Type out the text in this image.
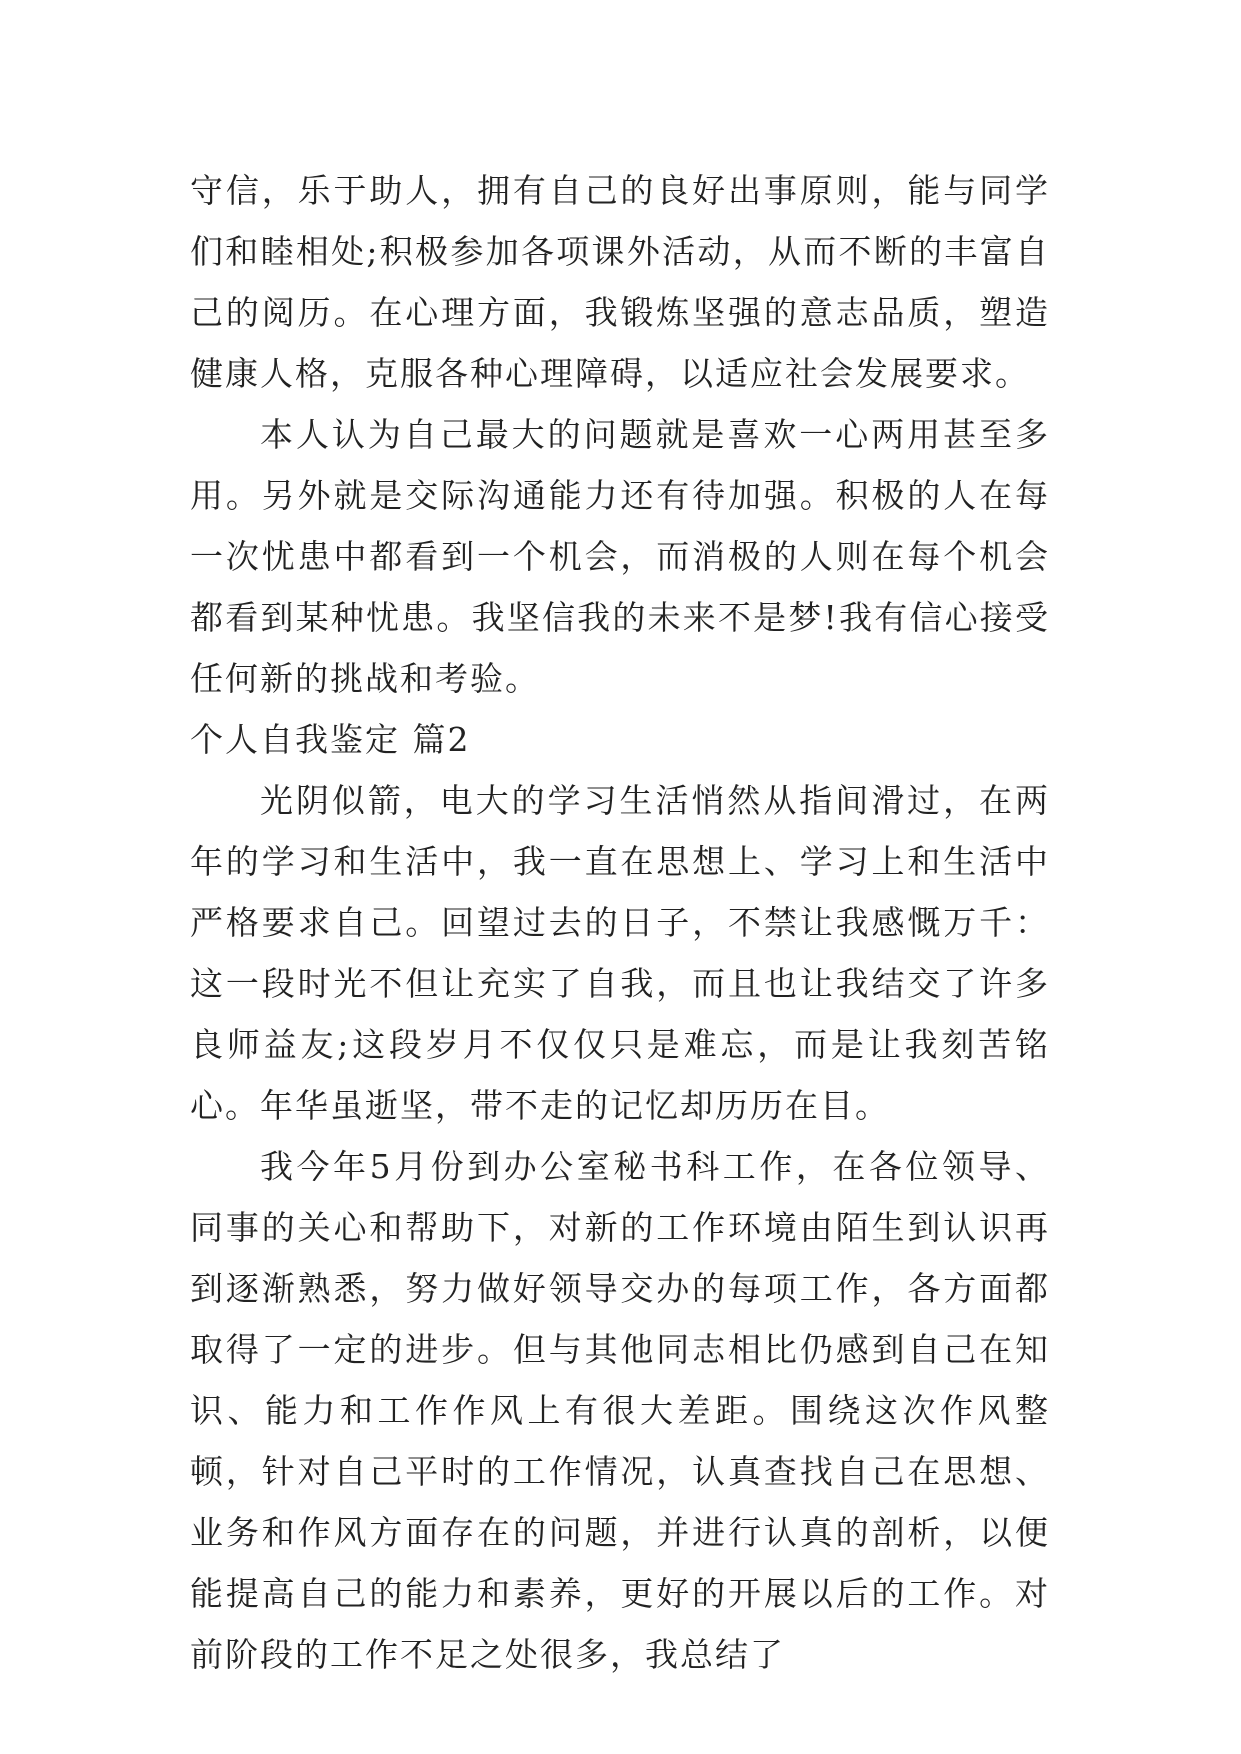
守信，乐于助人，拥有自己的良好出事原则，能与同学们和睦相处;积极参加各项课外活动，从而不断的丰富自己的阅历。在心理方面，我锻炼坚强的意志品质，塑造健康人格，克服各种心理障碍，以适应社会发展要求。

本人认为自己最大的问题就是喜欢一心两用甚至多用。另外就是交际沟通能力还有待加强。积极的人在每一次忧患中都看到一个机会，而消极的人则在每个机会都看到某种忧患。我坚信我的未来不是梦!我有信心接受任何新的挑战和考验。

个人自我鉴定 篇2

光阴似箭，电大的学习生活悄然从指间滑过，在两年的学习和生活中，我一直在思想上、学习上和生活中严格要求自己。回望过去的日子，不禁让我感慨万千：这一段时光不但让充实了自我，而且也让我结交了许多良师益友;这段岁月不仅仅只是难忘，而是让我刻苦铭心。年华虽逝坚，带不走的记忆却历历在目。

我今年5月份到办公室秘书科工作，在各位领导、同事的关心和帮助下，对新的工作环境由陌生到认识再到逐渐熟悉，努力做好领导交办的每项工作，各方面都取得了一定的进步。但与其他同志相比仍感到自己在知识、能力和工作作风上有很大差距。围绕这次作风整顿，针对自己平时的工作情况，认真查找自己在思想、业务和作风方面存在的问题，并进行认真的剖析，以便能提高自己的能力和素养，更好的开展以后的工作。对前阶段的工作不足之处很多，我总结了
